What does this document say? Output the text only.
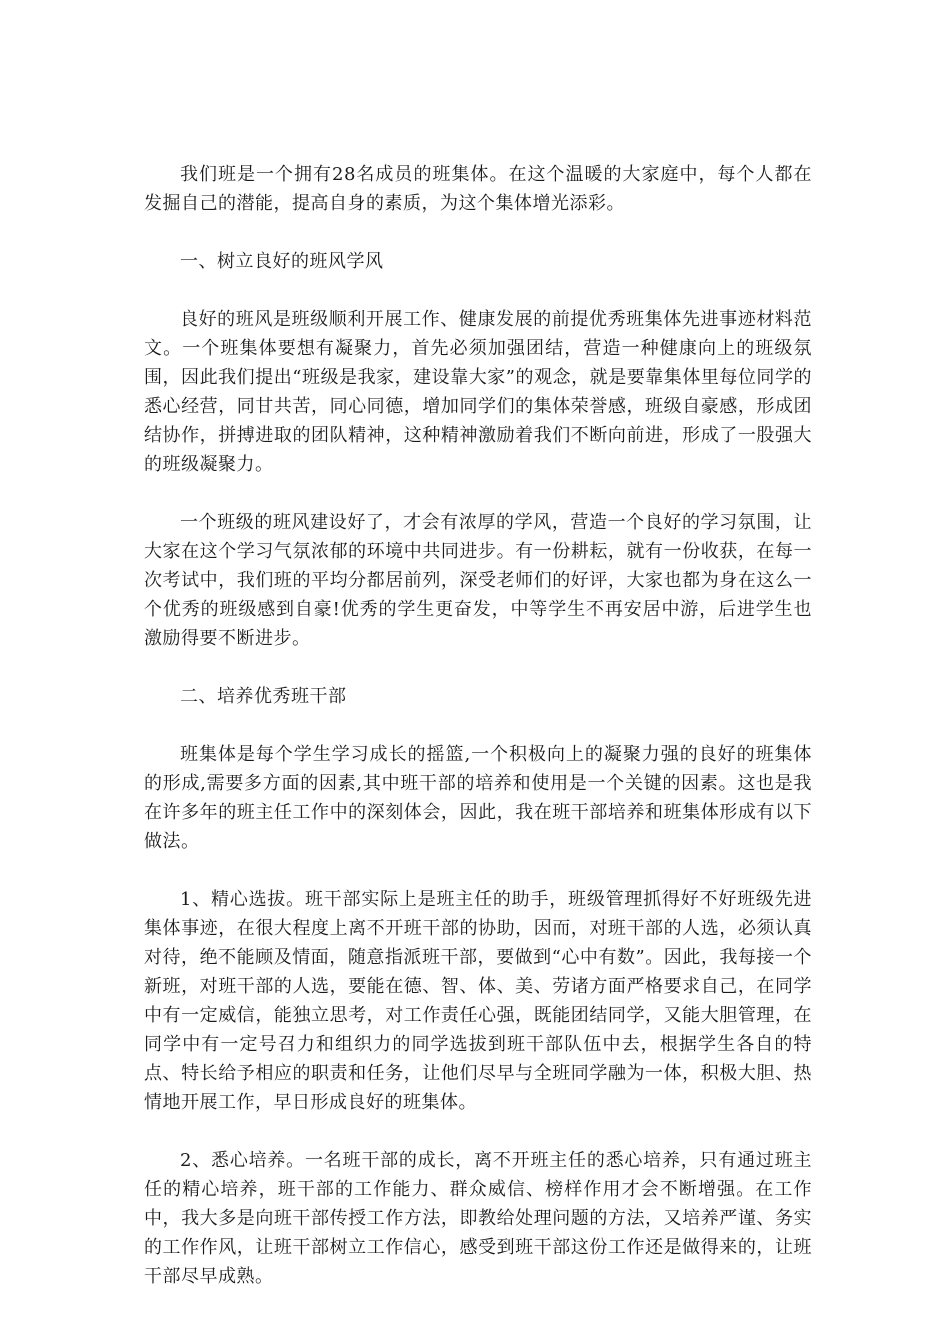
我们班是一个拥有28名成员的班集体。在这个温暖的大家庭中，每个人都在发掘自己的潜能，提高自身的素质，为这个集体增光添彩。

一、树立良好的班风学风

良好的班风是班级顺利开展工作、健康发展的前提优秀班集体先进事迹材料范文。一个班集体要想有凝聚力，首先必须加强团结，营造一种健康向上的班级氛围，因此我们提出“班级是我家，建设靠大家”的观念，就是要靠集体里每位同学的悉心经营，同甘共苦，同心同德，增加同学们的集体荣誉感，班级自豪感，形成团结协作，拼搏进取的团队精神，这种精神激励着我们不断向前进，形成了一股强大的班级凝聚力。

一个班级的班风建设好了，才会有浓厚的学风，营造一个良好的学习氛围，让大家在这个学习气氛浓郁的环境中共同进步。有一份耕耘，就有一份收获，在每一次考试中，我们班的平均分都居前列，深受老师们的好评，大家也都为身在这么一个优秀的班级感到自豪!优秀的学生更奋发，中等学生不再安居中游，后进学生也激励得要不断进步。

二、培养优秀班干部

班集体是每个学生学习成长的摇篮,一个积极向上的凝聚力强的良好的班集体的形成,需要多方面的因素,其中班干部的培养和使用是一个关键的因素。这也是我在许多年的班主任工作中的深刻体会，因此，我在班干部培养和班集体形成有以下做法。

1、精心选拔。班干部实际上是班主任的助手，班级管理抓得好不好班级先进集体事迹，在很大程度上离不开班干部的协助，因而，对班干部的人选，必须认真对待，绝不能顾及情面，随意指派班干部，要做到“心中有数”。因此，我每接一个新班，对班干部的人选，要能在德、智、体、美、劳诸方面严格要求自己，在同学中有一定威信，能独立思考，对工作责任心强，既能团结同学，又能大胆管理，在同学中有一定号召力和组织力的同学选拔到班干部队伍中去，根据学生各自的特点、特长给予相应的职责和任务，让他们尽早与全班同学融为一体，积极大胆、热情地开展工作，早日形成良好的班集体。

2、悉心培养。一名班干部的成长，离不开班主任的悉心培养，只有通过班主任的精心培养，班干部的工作能力、群众威信、榜样作用才会不断增强。在工作中，我大多是向班干部传授工作方法，即教给处理问题的方法，又培养严谨、务实的工作作风，让班干部树立工作信心，感受到班干部这份工作还是做得来的，让班干部尽早成熟。
